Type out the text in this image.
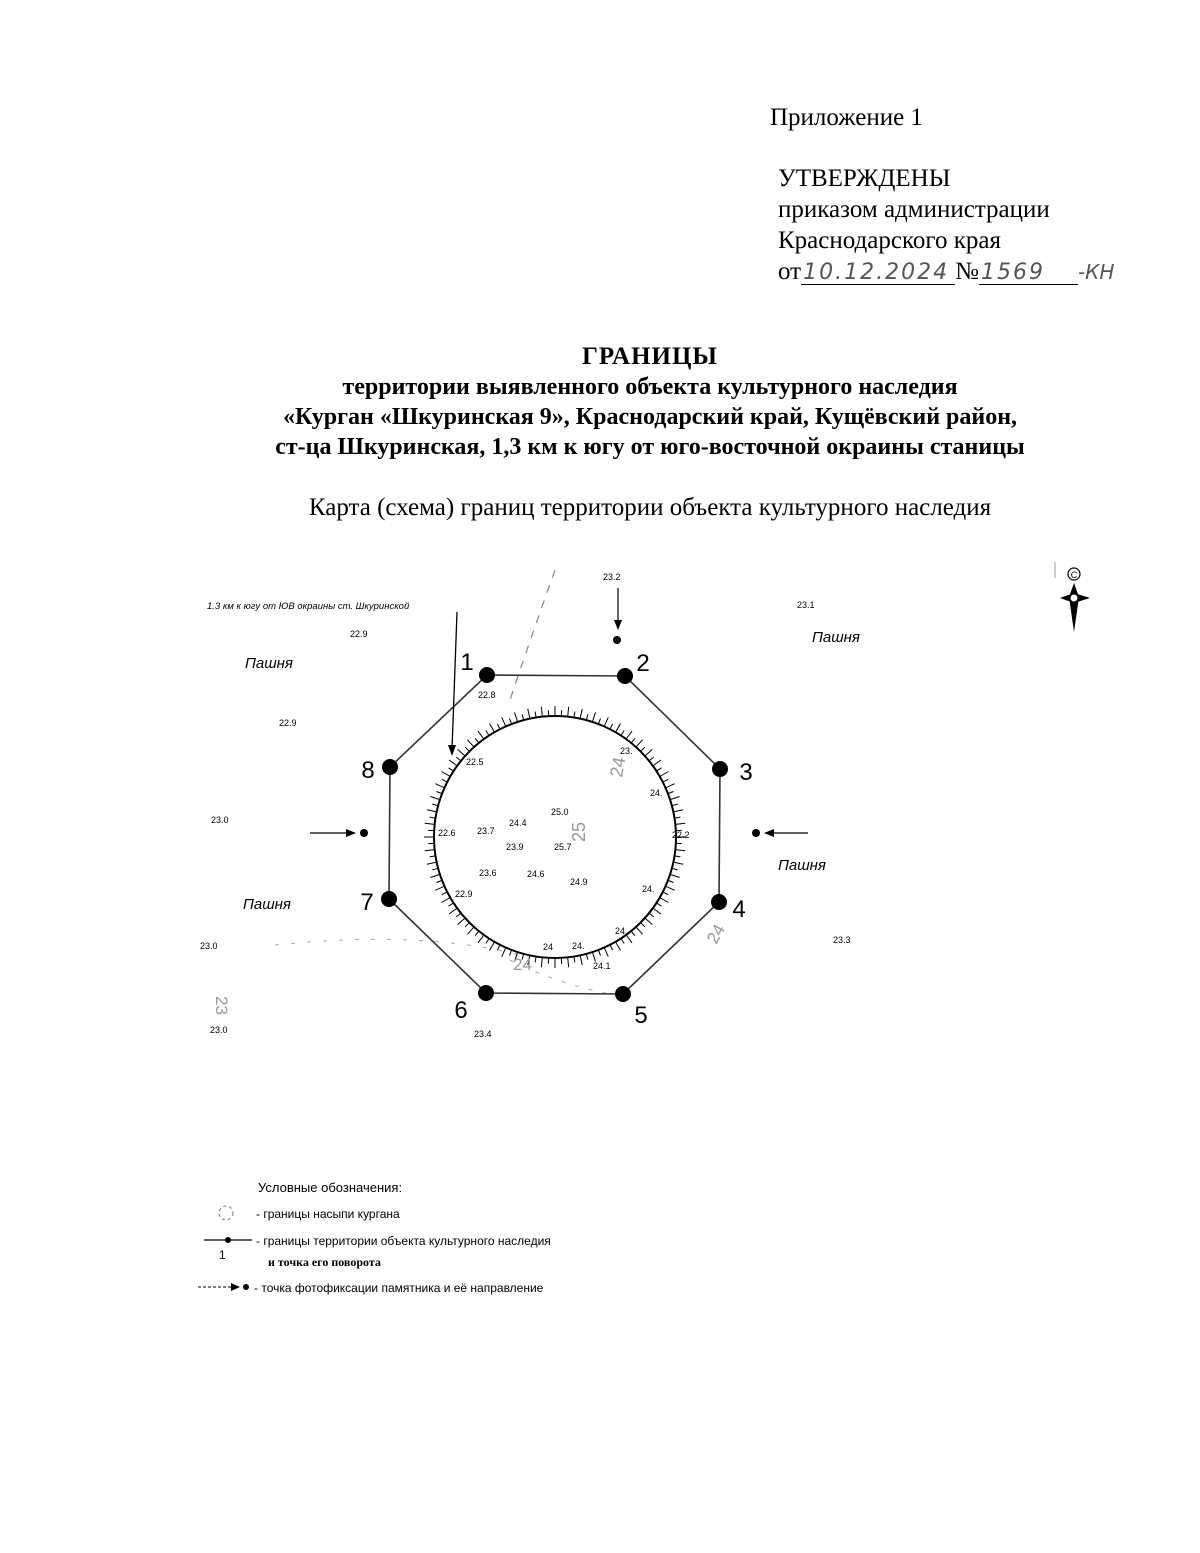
Приложение 1
УТВЕРЖДЕНЫ
приказом администрации
Краснодарского края
от10.12.2024 №1569 -КН
ГРАНИЦЫ
территории выявленного объекта культурного наследия
«Курган «Шкуринская 9», Краснодарский край, Кущёвский район,
ст-ца Шкуринская, 1,3 км к югу от юго-восточной окраины станицы
Карта (схема) границ территории объекта культурного наследия
1	2
3
4
5
6
7
8
1.3 км к югу от ЮВ окраины ст. Шкуринской
С
Пашня
Пашня
Пашня
Пашня
23.2
23.1
22.9
22.8
22.9
23.0
23.0
23.0	23.4
23.3
22.5
22.6
22.9
23.7
24.4
25.0
23.9	25.7
23.6	24.6
24.9
23.
24.
22.2
24.
24.
24.
24.1
24
24
25
24
24
23
Условные обозначения:
- границы насыпи кургана
1
- границы территории объекта культурного наследия
и точка его поворота
- точка фотофиксации памятника и её направление
